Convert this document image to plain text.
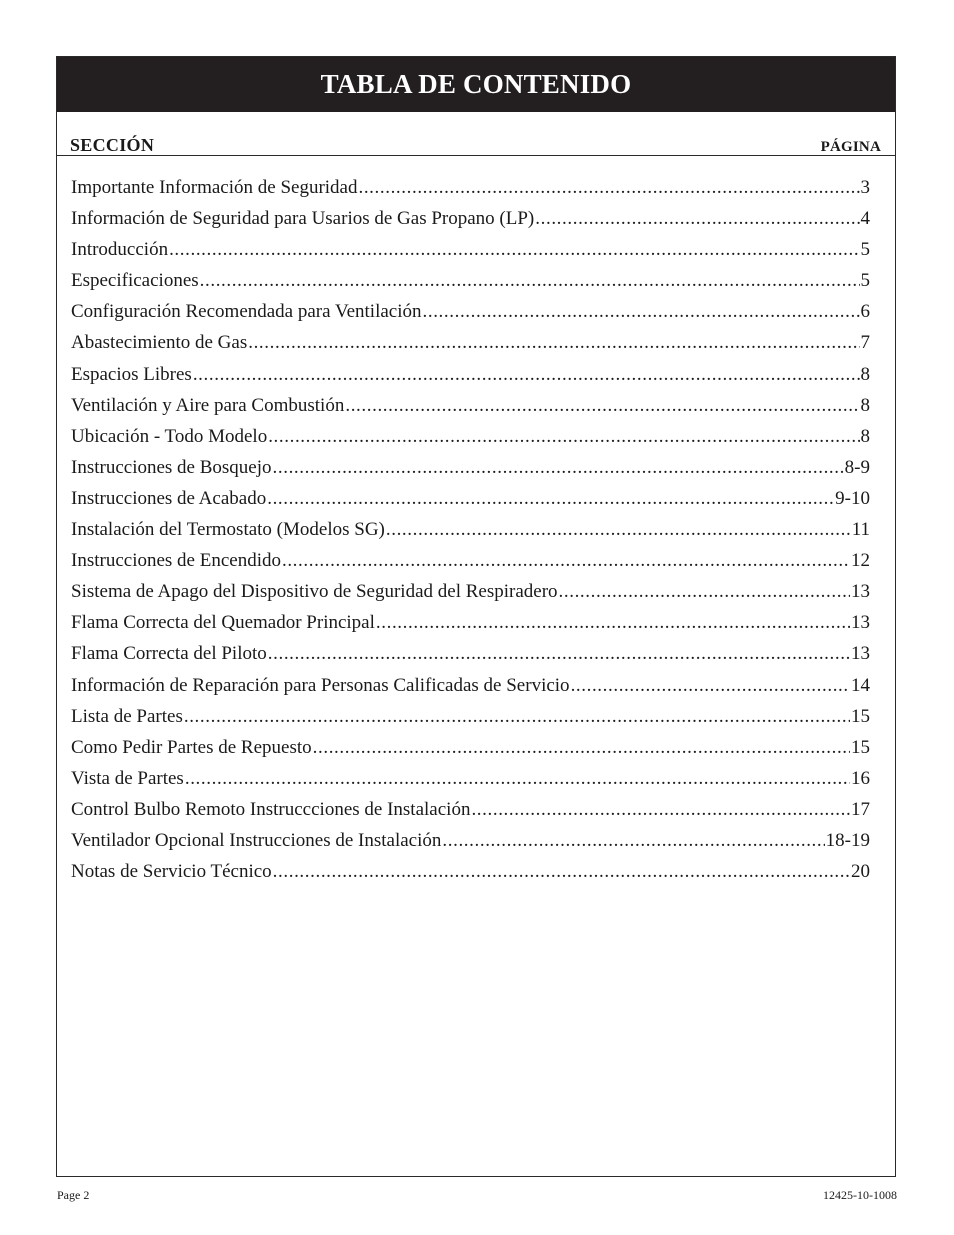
TABLA DE CONTENIDO
SECCIÓN	PÁGINA
Importante Información de Seguridad .....	3
Información de Seguridad para Usarios de Gas Propano (LP) .....	4
Introducción .....	5
Especificaciones .....	5
Configuración Recomendada para Ventilación .....	6
Abastecimiento de Gas .....	7
Espacios Libres .....	8
Ventilación y Aire para Combustión .....	8
Ubicación - Todo Modelo .....	8
Instrucciones de Bosquejo .....	8-9
Instrucciones de Acabado .....	9-10
Instalación del Termostato (Modelos SG) .....	11
Instrucciones de Encendido .....	12
Sistema de Apago del Dispositivo de Seguridad del Respiradero .....	13
Flama Correcta del Quemador Principal .....	13
Flama Correcta del Piloto .....	13
Información de Reparación para Personas Calificadas de Servicio .....	14
Lista de Partes .....	15
Como Pedir Partes de Repuesto .....	15
Vista de Partes .....	16
Control Bulbo Remoto Instruccciones de Instalación .....	17
Ventilador Opcional Instrucciones de Instalación .....	18-19
Notas de Servicio Técnico .....	20
Page 2	12425-10-1008
